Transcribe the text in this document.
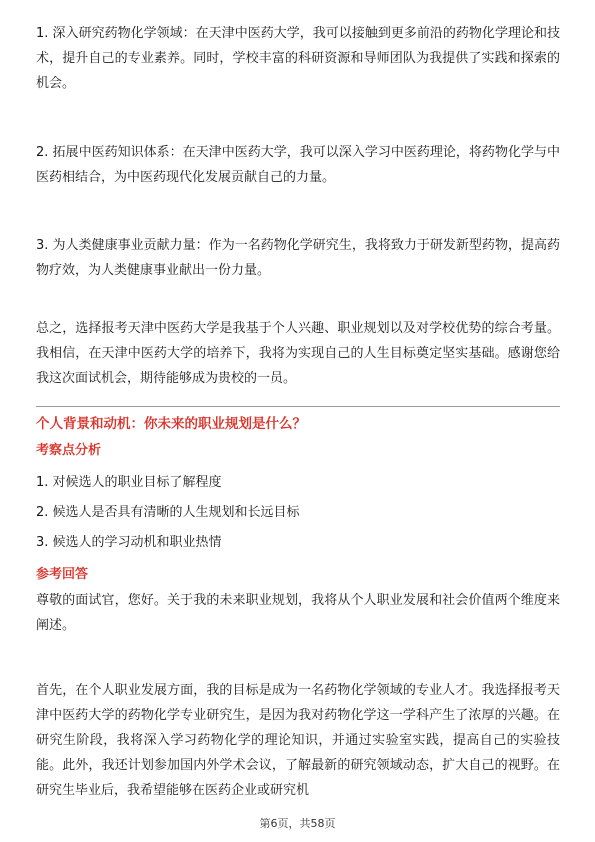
1. 深入研究药物化学领域：在天津中医药大学，我可以接触到更多前沿的药物化学理论和技术，提升自己的专业素养。同时，学校丰富的科研资源和导师团队为我提供了实践和探索的机会。

2. 拓展中医药知识体系：在天津中医药大学，我可以深入学习中医药理论，将药物化学与中医药相结合，为中医药现代化发展贡献自己的力量。

3. 为人类健康事业贡献力量：作为一名药物化学研究生，我将致力于研发新型药物，提高药物疗效，为人类健康事业献出一份力量。

总之，选择报考天津中医药大学是我基于个人兴趣、职业规划以及对学校优势的综合考量。我相信，在天津中医药大学的培养下，我将为实现自己的人生目标奠定坚实基础。感谢您给我这次面试机会，期待能够成为贵校的一员。

个人背景和动机：你未来的职业规划是什么？

考察点分析

1. 对候选人的职业目标了解程度
2. 候选人是否具有清晰的人生规划和长远目标
3. 候选人的学习动机和职业热情

参考回答

尊敬的面试官，您好。关于我的未来职业规划，我将从个人职业发展和社会价值两个维度来阐述。

首先，在个人职业发展方面，我的目标是成为一名药物化学领域的专业人才。我选择报考天津中医药大学的药物化学专业研究生，是因为我对药物化学这一学科产生了浓厚的兴趣。在研究生阶段，我将深入学习药物化学的理论知识，并通过实验室实践，提高自己的实验技能。此外，我还计划参加国内外学术会议，了解最新的研究领域动态，扩大自己的视野。在研究生毕业后，我希望能够在医药企业或研究机

第6页，共58页
